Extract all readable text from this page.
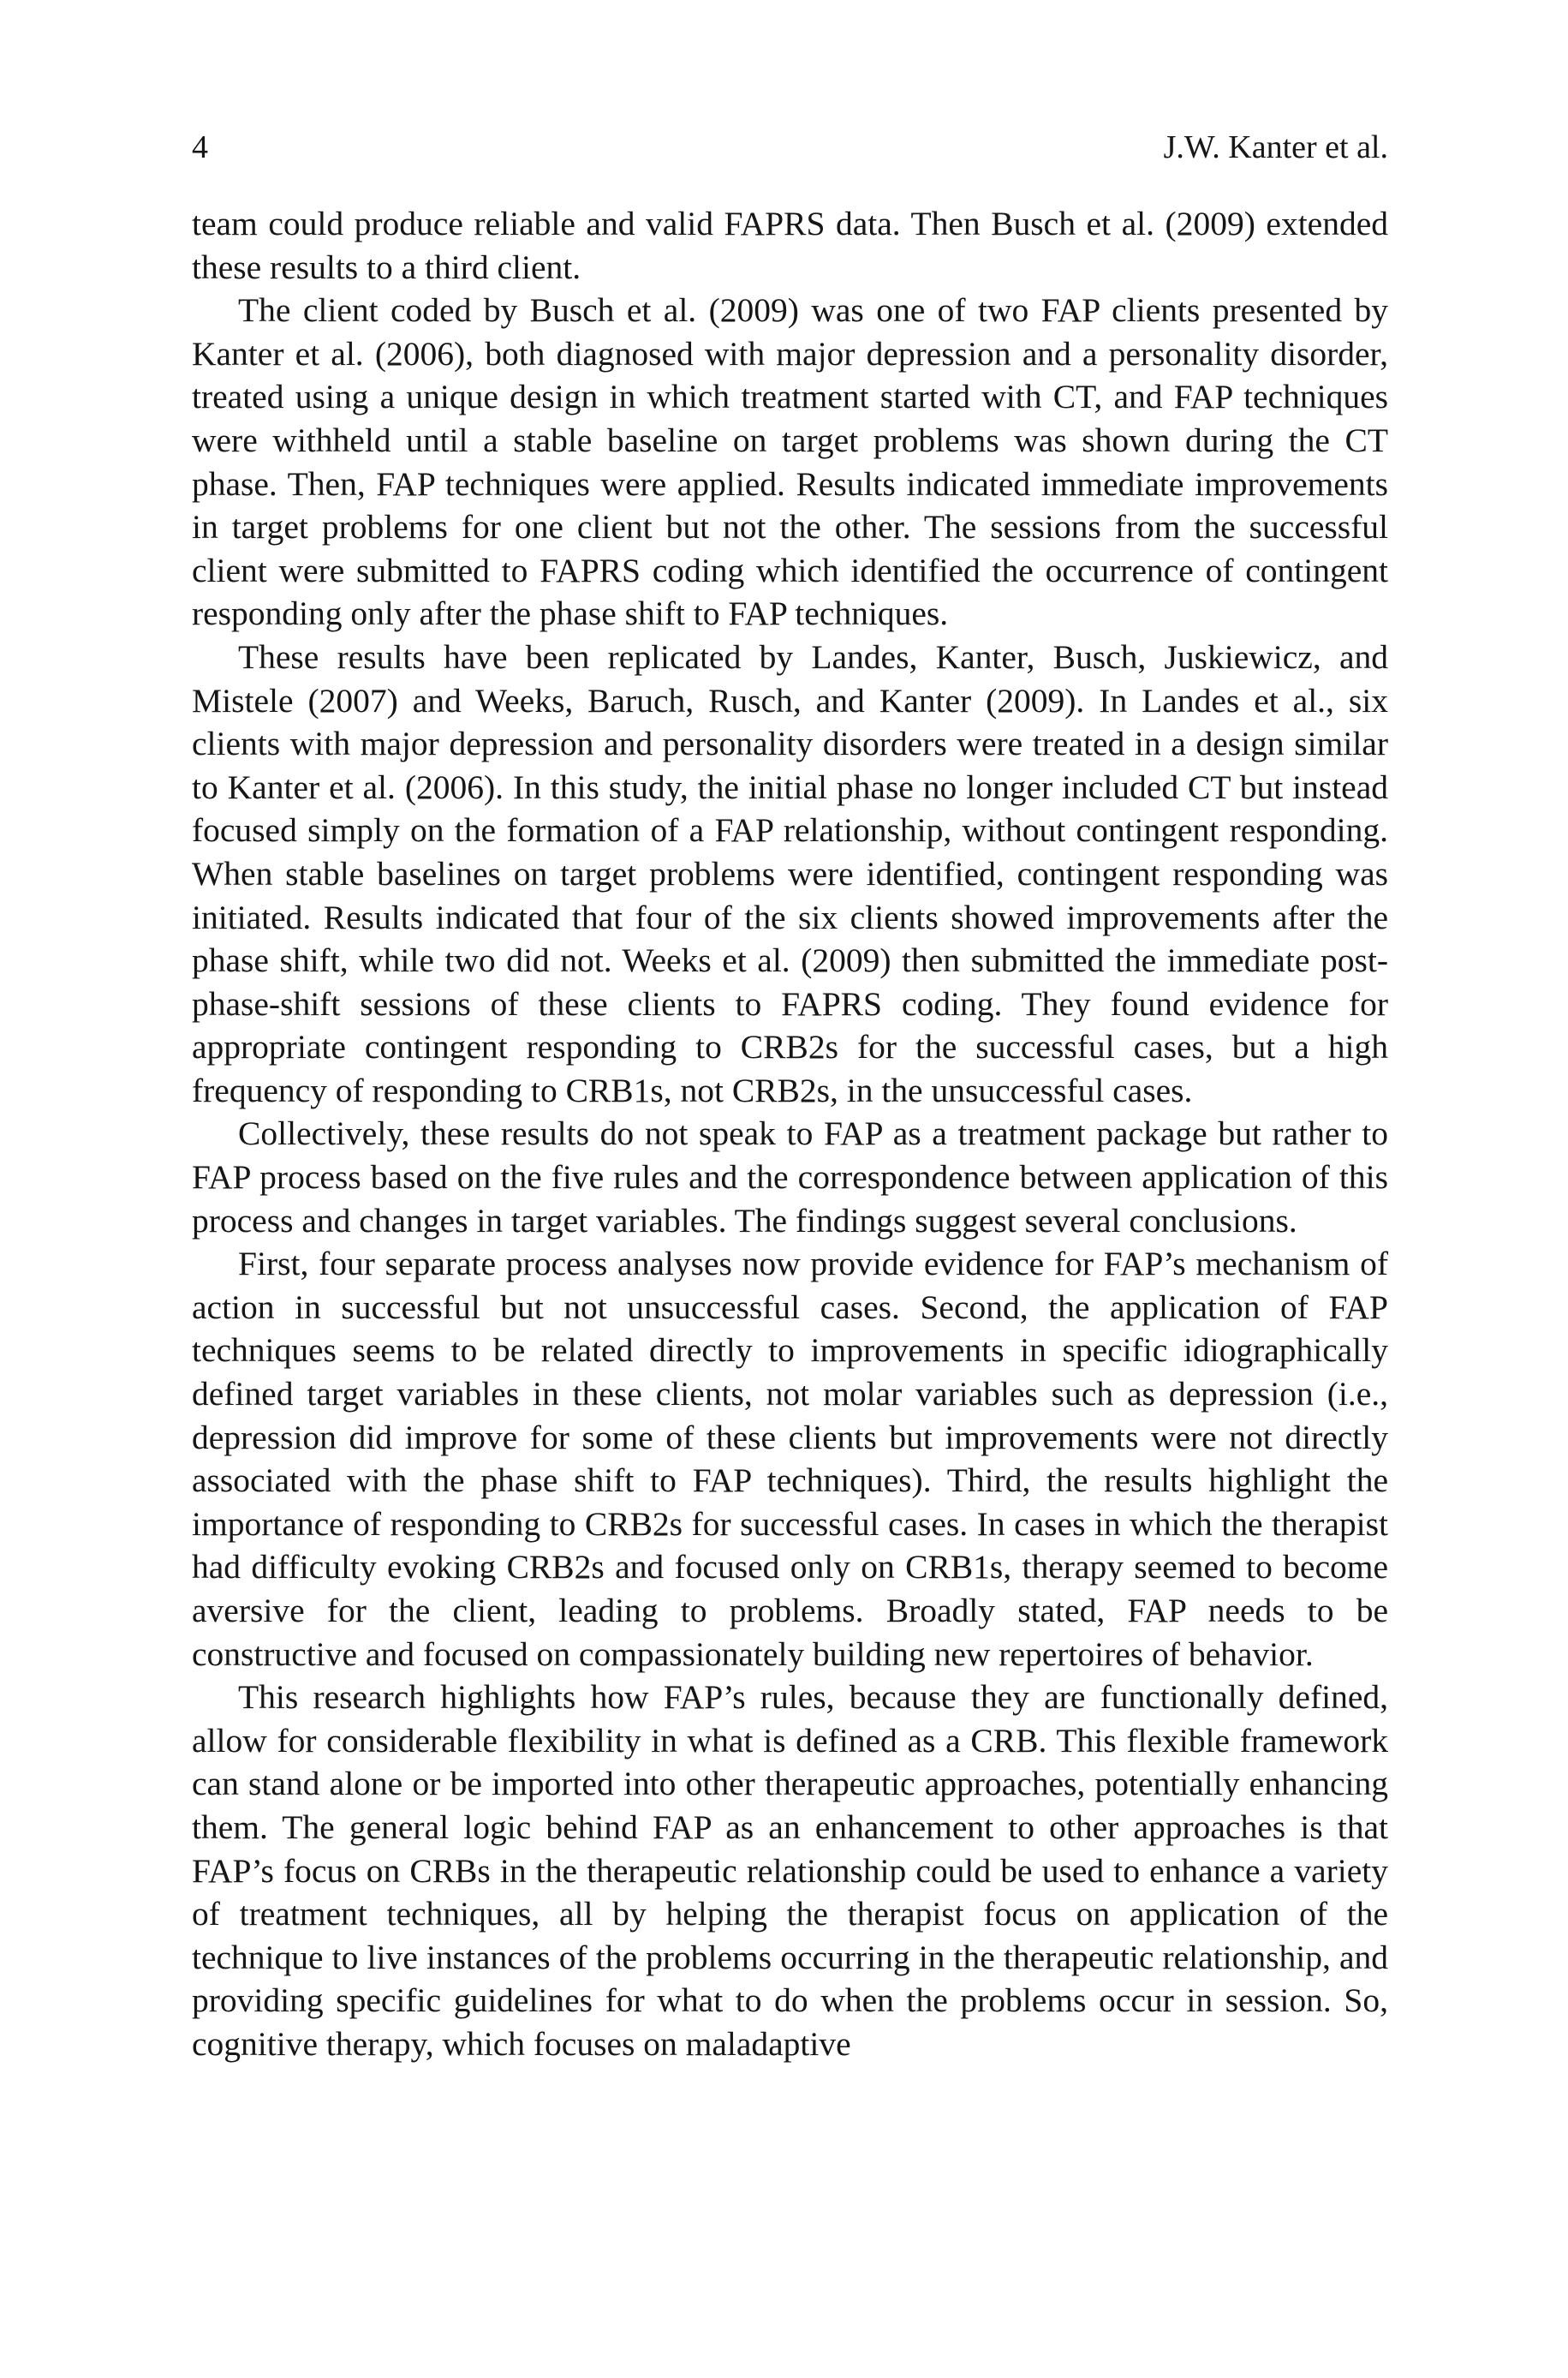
4	J.W. Kanter et al.

team could produce reliable and valid FAPRS data. Then Busch et al. (2009) extended these results to a third client.

The client coded by Busch et al. (2009) was one of two FAP clients presented by Kanter et al. (2006), both diagnosed with major depression and a personality disorder, treated using a unique design in which treatment started with CT, and FAP techniques were withheld until a stable baseline on target problems was shown during the CT phase. Then, FAP techniques were applied. Results indicated immediate improvements in target problems for one client but not the other. The sessions from the successful client were submitted to FAPRS coding which identified the occurrence of contingent responding only after the phase shift to FAP techniques.

These results have been replicated by Landes, Kanter, Busch, Juskiewicz, and Mistele (2007) and Weeks, Baruch, Rusch, and Kanter (2009). In Landes et al., six clients with major depression and personality disorders were treated in a design similar to Kanter et al. (2006). In this study, the initial phase no longer included CT but instead focused simply on the formation of a FAP relationship, without contingent responding. When stable baselines on target problems were identified, contingent responding was initiated. Results indicated that four of the six clients showed improvements after the phase shift, while two did not. Weeks et al. (2009) then submitted the immediate post-phase-shift sessions of these clients to FAPRS coding. They found evidence for appropriate contingent responding to CRB2s for the successful cases, but a high frequency of responding to CRB1s, not CRB2s, in the unsuccessful cases.

Collectively, these results do not speak to FAP as a treatment package but rather to FAP process based on the five rules and the correspondence between application of this process and changes in target variables. The findings suggest several conclusions.

First, four separate process analyses now provide evidence for FAP’s mechanism of action in successful but not unsuccessful cases. Second, the application of FAP techniques seems to be related directly to improvements in specific idiographically defined target variables in these clients, not molar variables such as depression (i.e., depression did improve for some of these clients but improvements were not directly associated with the phase shift to FAP techniques). Third, the results highlight the importance of responding to CRB2s for successful cases. In cases in which the therapist had difficulty evoking CRB2s and focused only on CRB1s, therapy seemed to become aversive for the client, leading to problems. Broadly stated, FAP needs to be constructive and focused on compassionately building new repertoires of behavior.

This research highlights how FAP’s rules, because they are functionally defined, allow for considerable flexibility in what is defined as a CRB. This flexible framework can stand alone or be imported into other therapeutic approaches, potentially enhancing them. The general logic behind FAP as an enhancement to other approaches is that FAP’s focus on CRBs in the therapeutic relationship could be used to enhance a variety of treatment techniques, all by helping the therapist focus on application of the technique to live instances of the problems occurring in the therapeutic relationship, and providing specific guidelines for what to do when the problems occur in session. So, cognitive therapy, which focuses on maladaptive
